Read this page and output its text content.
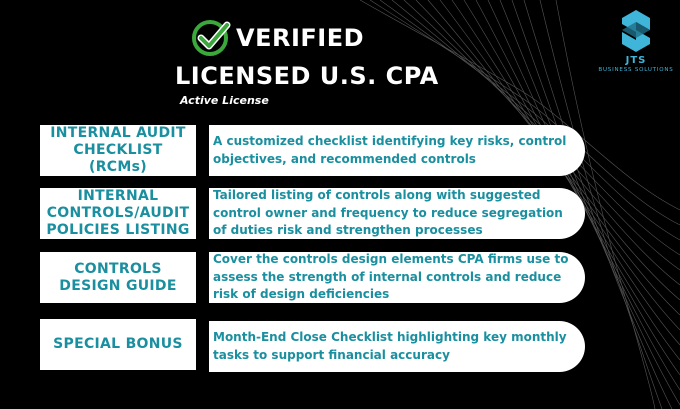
VERIFIED
LICENSED U.S. CPA
Active License
JTS
BUSINESS SOLUTIONS
INTERNAL AUDIT CHECKLIST (RCMs)
A customized checklist identifying key risks, control objectives, and recommended controls
INTERNAL CONTROLS/AUDIT POLICIES LISTING
Tailored listing of controls along with suggested control owner and frequency to reduce segregation of duties risk and strengthen processes
CONTROLS DESIGN GUIDE
Cover the controls design elements CPA firms use to assess the strength of internal controls and reduce risk of design deficiencies
SPECIAL BONUS	Month-End Close Checklist highlighting key monthly tasks to support financial accuracy
